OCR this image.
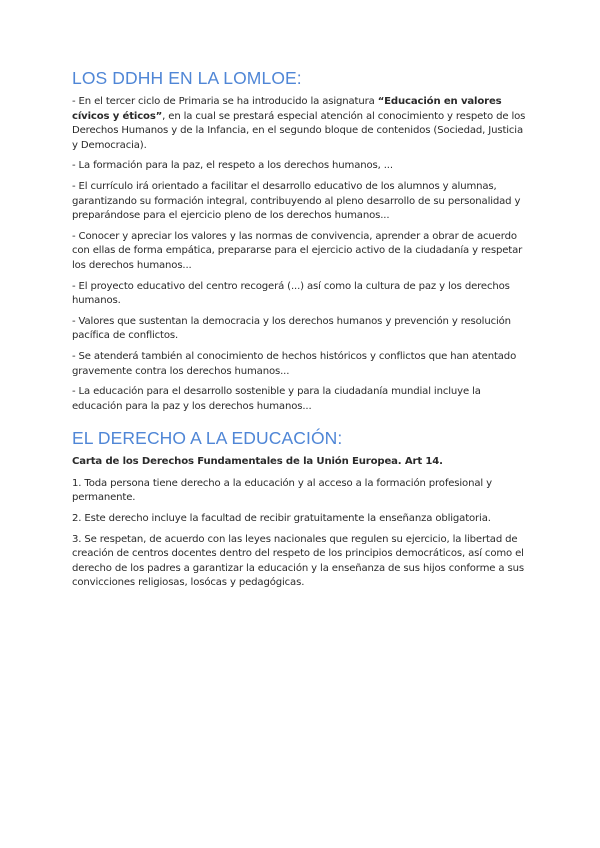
LOS DDHH EN LA LOMLOE:

- En el tercer ciclo de Primaria se ha introducido la asignatura “Educación en valores cívicos y éticos”, en la cual se prestará especial atención al conocimiento y respeto de los Derechos Humanos y de la Infancia, en el segundo bloque de contenidos (Sociedad, Justicia y Democracia).

- La formación para la paz, el respeto a los derechos humanos, ...

- El currículo irá orientado a facilitar el desarrollo educativo de los alumnos y alumnas, garantizando su formación integral, contribuyendo al pleno desarrollo de su personalidad y preparándose para el ejercicio pleno de los derechos humanos...

- Conocer y apreciar los valores y las normas de convivencia, aprender a obrar de acuerdo con ellas de forma empática, prepararse para el ejercicio activo de la ciudadanía y respetar los derechos humanos...

- El proyecto educativo del centro recogerá (...) así como la cultura de paz y los derechos humanos.

- Valores que sustentan la democracia y los derechos humanos y prevención y resolución pacífica de conflictos.

- Se atenderá también al conocimiento de hechos históricos y conflictos que han atentado gravemente contra los derechos humanos...

- La educación para el desarrollo sostenible y para la ciudadanía mundial incluye la educación para la paz y los derechos humanos...

EL DERECHO A LA EDUCACIÓN:

Carta de los Derechos Fundamentales de la Unión Europea. Art 14.

1. Toda persona tiene derecho a la educación y al acceso a la formación profesional y permanente.

2. Este derecho incluye la facultad de recibir gratuitamente la enseñanza obligatoria.

3. Se respetan, de acuerdo con las leyes nacionales que regulen su ejercicio, la libertad de creación de centros docentes dentro del respeto de los principios democráticos, así como el derecho de los padres a garantizar la educación y la enseñanza de sus hijos conforme a sus convicciones religiosas, losócas y pedagógicas.
